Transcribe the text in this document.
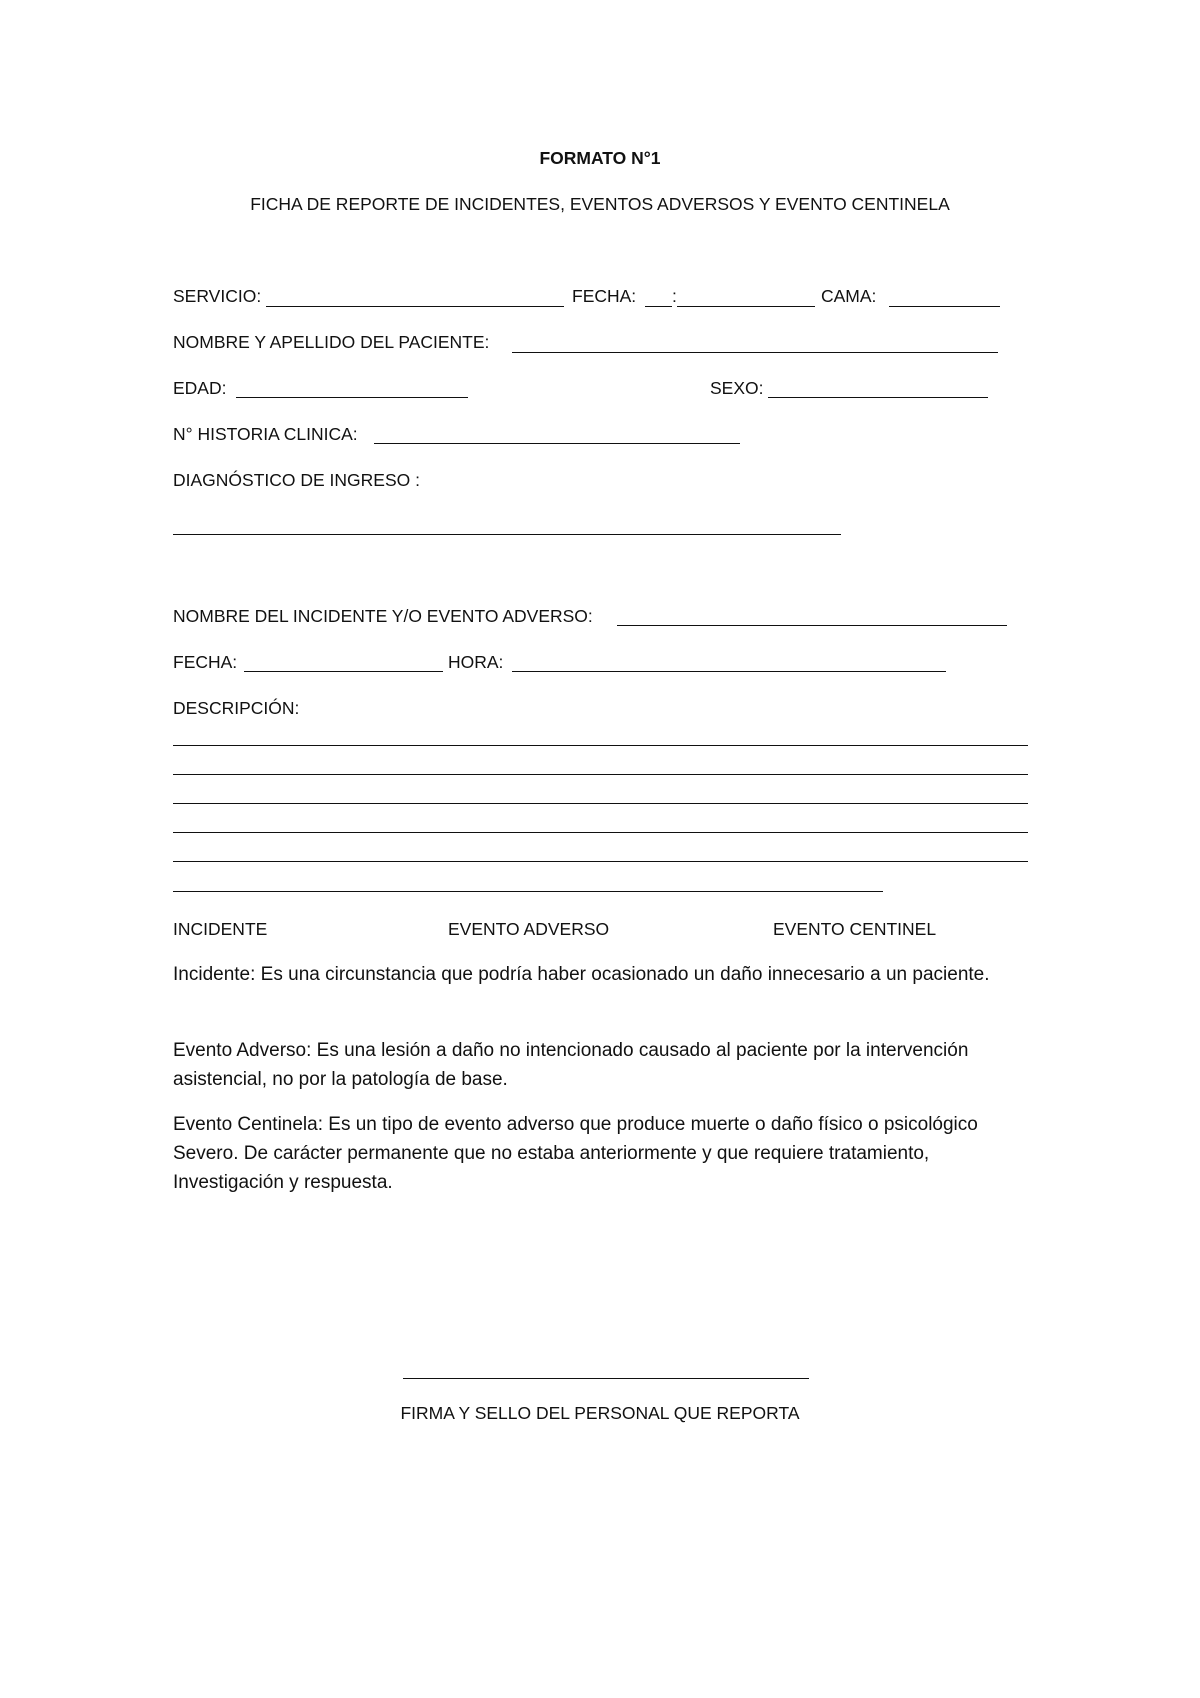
FORMATO N°1
FICHA DE REPORTE DE INCIDENTES, EVENTOS ADVERSOS Y EVENTO CENTINELA
SERVICIO:	FECHA: :	CAMA:
NOMBRE Y APELLIDO DEL PACIENTE:
EDAD:	SEXO:
N° HISTORIA CLINICA:
DIAGNÓSTICO DE INGRESO :
NOMBRE DEL INCIDENTE Y/O EVENTO ADVERSO:
FECHA:	HORA:
DESCRIPCIÓN:
INCIDENTE	EVENTO ADVERSO	EVENTO CENTINEL
Incidente: Es una circunstancia que podría haber ocasionado un daño innecesario a un paciente.
Evento Adverso: Es una lesión a daño no intencionado causado al paciente por la intervención asistencial, no por la patología de base.
Evento Centinela: Es un tipo de evento adverso que produce muerte o daño físico o psicológico Severo. De carácter permanente que no estaba anteriormente y que requiere tratamiento, Investigación y respuesta.
FIRMA Y SELLO DEL PERSONAL QUE REPORTA
